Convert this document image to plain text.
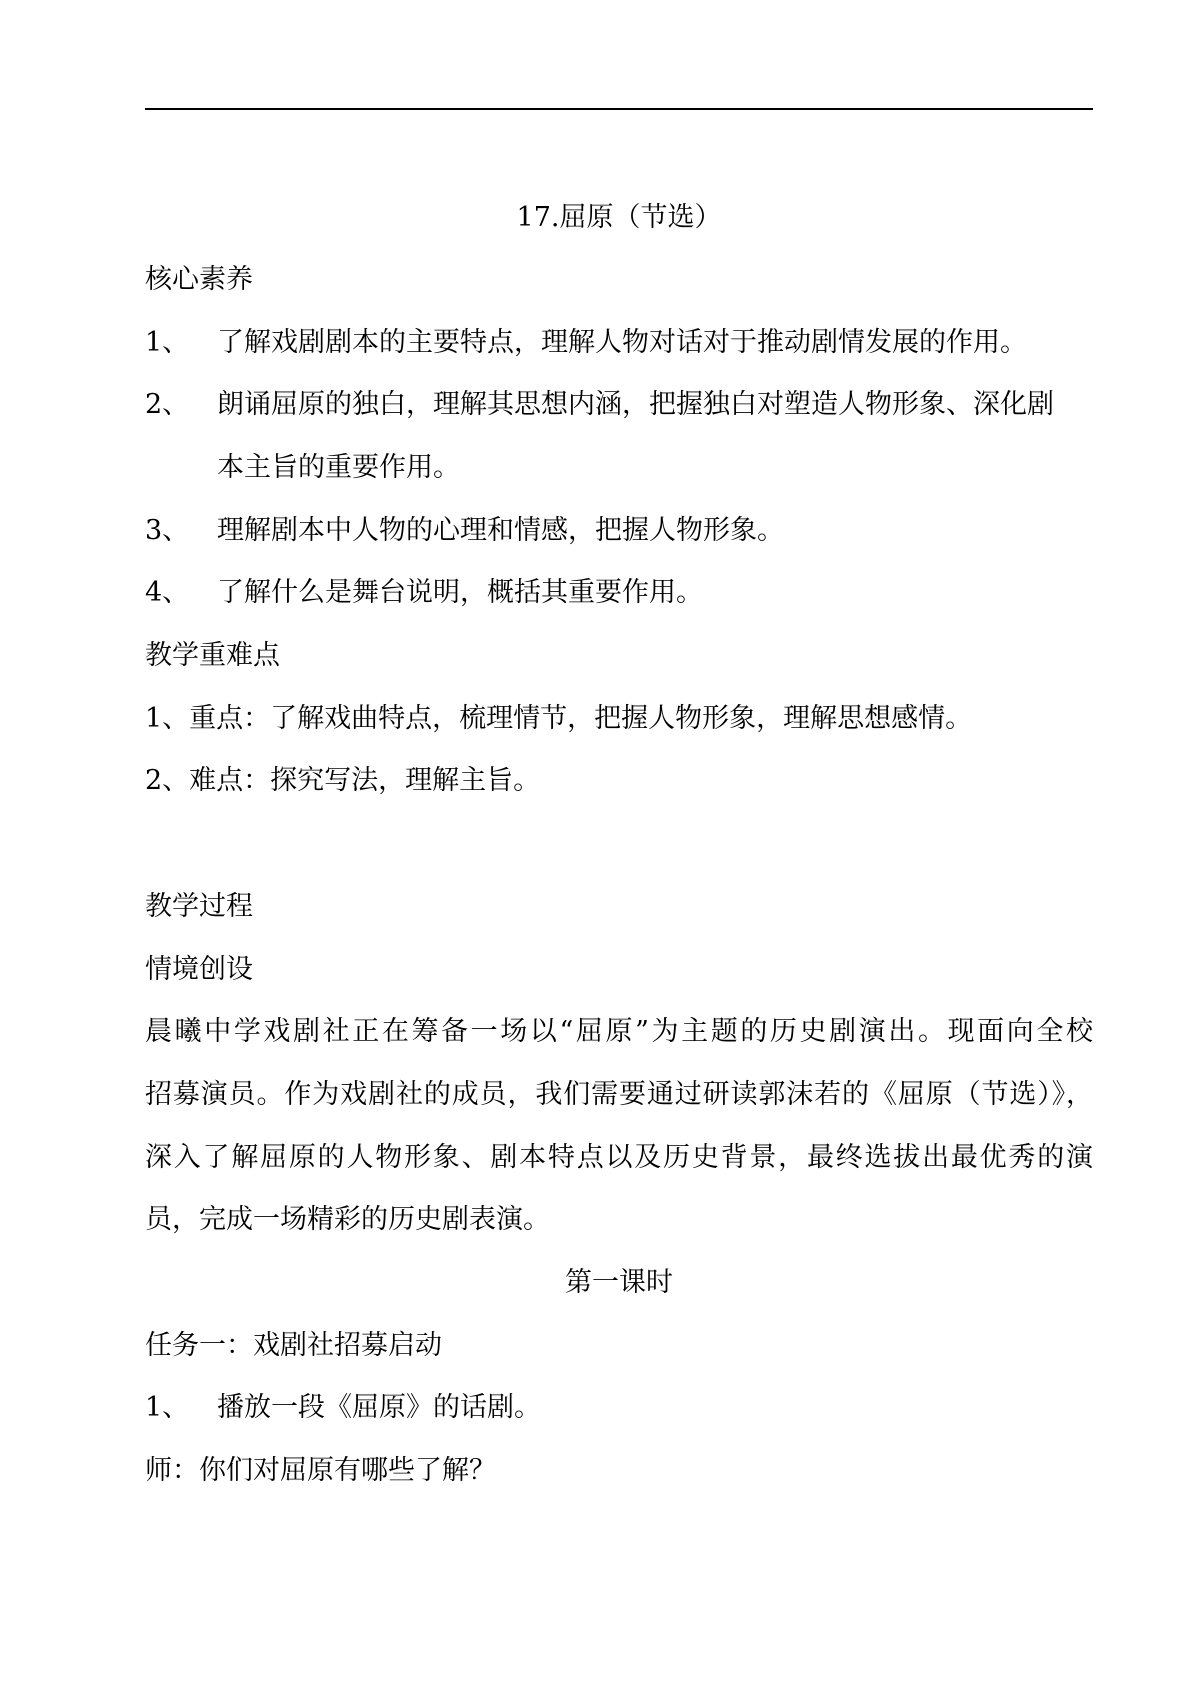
17.屈原（节选）
核心素养
1、 了解戏剧剧本的主要特点，理解人物对话对于推动剧情发展的作用。
2、 朗诵屈原的独白，理解其思想内涵，把握独白对塑造人物形象、深化剧
本主旨的重要作用。
3、 理解剧本中人物的心理和情感，把握人物形象。
4、 了解什么是舞台说明，概括其重要作用。
教学重难点
1、重点：了解戏曲特点，梳理情节，把握人物形象，理解思想感情。
2、难点：探究写法，理解主旨。
教学过程
情境创设
晨曦中学戏剧社正在筹备一场以“屈原”为主题的历史剧演出。现面向全校
招募演员。作为戏剧社的成员，我们需要通过研读郭沫若的《屈原（节选）》，
深入了解屈原的人物形象、剧本特点以及历史背景，最终选拔出最优秀的演
员，完成一场精彩的历史剧表演。
第一课时
任务一：戏剧社招募启动
1、 播放一段《屈原》的话剧。
师：你们对屈原有哪些了解？
